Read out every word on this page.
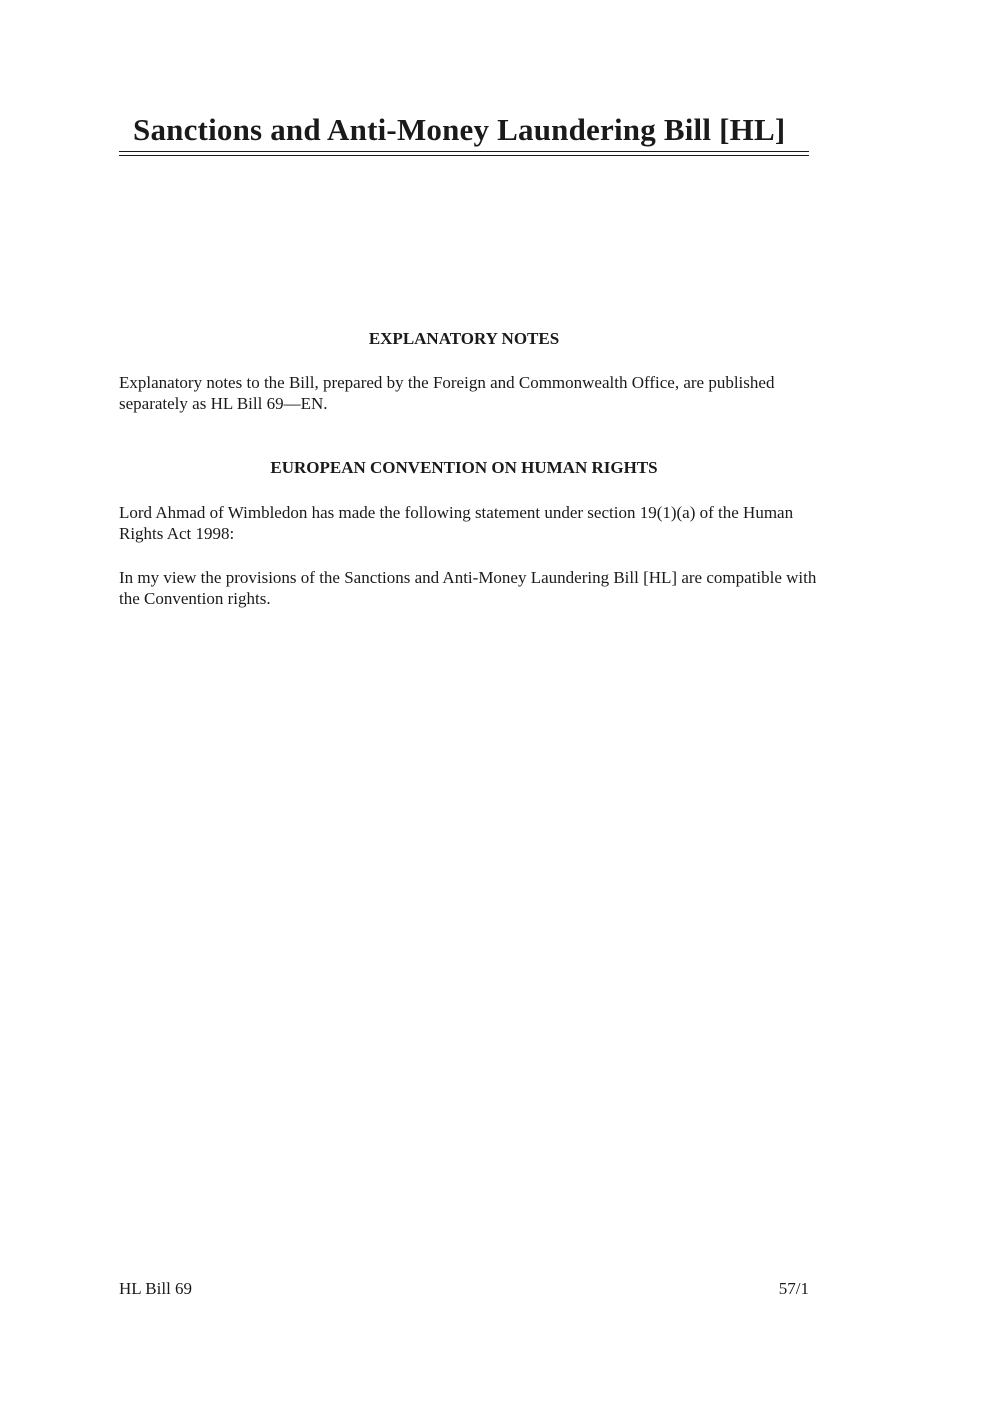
Sanctions and Anti-Money Laundering Bill [HL]
EXPLANATORY NOTES

Explanatory notes to the Bill, prepared by the Foreign and Commonwealth Office, are published separately as HL Bill 69—EN.

EUROPEAN CONVENTION ON HUMAN RIGHTS

Lord Ahmad of Wimbledon has made the following statement under section 19(1)(a) of the Human Rights Act 1998:

In my view the provisions of the Sanctions and Anti-Money Laundering Bill [HL] are compatible with the Convention rights.

HL Bill 69	57/1
